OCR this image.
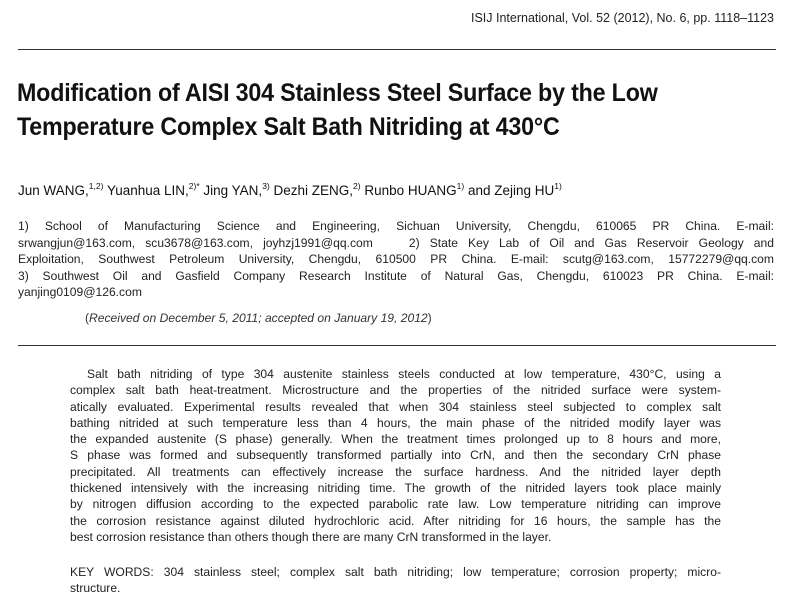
ISIJ International, Vol. 52 (2012), No. 6, pp. 1118–1123
Modification of AISI 304 Stainless Steel Surface by the Low
Temperature Complex Salt Bath Nitriding at 430°C
Jun WANG,$^{1,2)}$ Yuanhua LIN,$^{2)*}$ Jing YAN,$^{3)}$ Dezhi ZENG,$^{2)}$ Runbo HUANG$^{1)}$ and Zejing HU$^{1)}$
1) School of Manufacturing Science and Engineering, Sichuan University, Chengdu, 610065 PR China. E-mail:
srwangjun@163.com, scu3678@163.com, joyhzj1991@qq.com	2) State Key Lab of Oil and Gas Reservoir Geology and
Exploitation, Southwest Petroleum University, Chengdu, 610500 PR China. E-mail: scutg@163.com, 15772279@qq.com
3) Southwest Oil and Gasfield Company Research Institute of Natural Gas, Chengdu, 610023 PR China. E-mail:
yanjing0109@126.com
(Received on December 5, 2011; accepted on January 19, 2012)
Salt bath nitriding of type 304 austenite stainless steels conducted at low temperature, 430°C, using a
complex salt bath heat-treatment. Microstructure and the properties of the nitrided surface were system-
atically evaluated. Experimental results revealed that when 304 stainless steel subjected to complex salt
bathing nitrided at such temperature less than 4 hours, the main phase of the nitrided modify layer was
the expanded austenite (S phase) generally. When the treatment times prolonged up to 8 hours and more,
S phase was formed and subsequently transformed partially into CrN, and then the secondary CrN phase
precipitated. All treatments can effectively increase the surface hardness. And the nitrided layer depth
thickened intensively with the increasing nitriding time. The growth of the nitrided layers took place mainly
by nitrogen diffusion according to the expected parabolic rate law. Low temperature nitriding can improve
the corrosion resistance against diluted hydrochloric acid. After nitriding for 16 hours, the sample has the
best corrosion resistance than others though there are many CrN transformed in the layer.
KEY WORDS: 304 stainless steel; complex salt bath nitriding; low temperature; corrosion property; micro-
structure.
